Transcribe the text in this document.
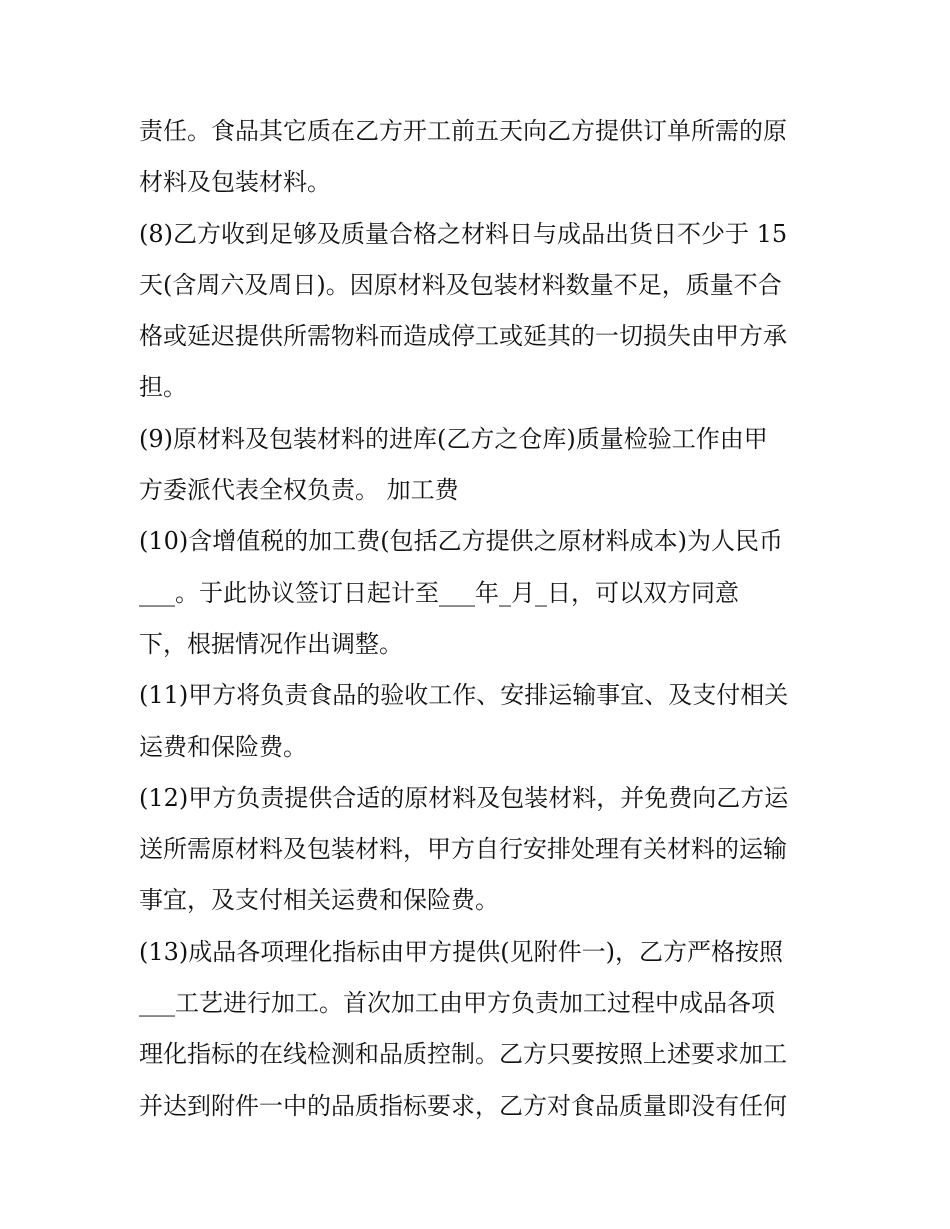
责任。食品其它质在乙方开工前五天向乙方提供订单所需的原
材料及包装材料。
(8)乙方收到足够及质量合格之材料日与成品出货日不少于 15
天(含周六及周日)。因原材料及包装材料数量不足，质量不合
格或延迟提供所需物料而造成停工或延其的一切损失由甲方承
担。
(9)原材料及包装材料的进库(乙方之仓库)质量检验工作由甲
方委派代表全权负责。 加工费
(10)含增值税的加工费(包括乙方提供之原材料成本)为人民币
___。于此协议签订日起计至___年_月_日，可以双方同意
下，根据情况作出调整。
(11)甲方将负责食品的验收工作、安排运输事宜、及支付相关
运费和保险费。
(12)甲方负责提供合适的原材料及包装材料，并免费向乙方运
送所需原材料及包装材料，甲方自行安排处理有关材料的运输
事宜，及支付相关运费和保险费。
(13)成品各项理化指标由甲方提供(见附件一)，乙方严格按照
___工艺进行加工。首次加工由甲方负责加工过程中成品各项
理化指标的在线检测和品质控制。乙方只要按照上述要求加工
并达到附件一中的品质指标要求，乙方对食品质量即没有任何
